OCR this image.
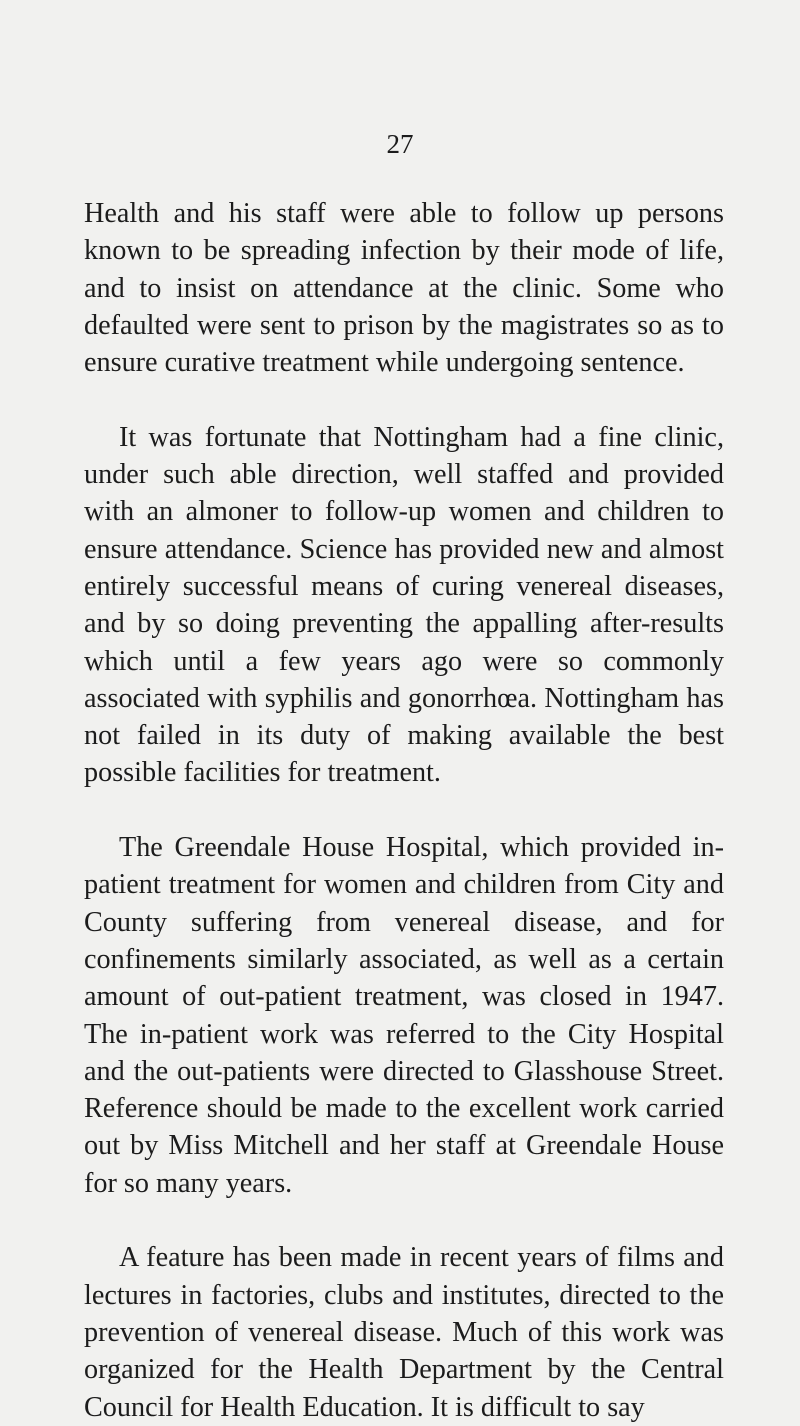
27

Health and his staff were able to follow up persons known to be spreading infection by their mode of life, and to insist on attendance at the clinic. Some who defaulted were sent to prison by the magistrates so as to ensure curative treatment while undergoing sentence.

It was fortunate that Nottingham had a fine clinic, under such able direction, well staffed and provided with an almoner to follow-up women and children to ensure attendance. Science has provided new and almost entirely successful means of curing venereal diseases, and by so doing preventing the appalling after-results which until a few years ago were so commonly associated with syphilis and gonorrhœa. Nottingham has not failed in its duty of making available the best possible facilities for treatment.

The Greendale House Hospital, which provided in-patient treatment for women and children from City and County suffering from venereal disease, and for confinements similarly associated, as well as a certain amount of out-patient treatment, was closed in 1947. The in-patient work was referred to the City Hospital and the out-patients were directed to Glasshouse Street. Reference should be made to the excellent work carried out by Miss Mitchell and her staff at Greendale House for so many years.

A feature has been made in recent years of films and lectures in factories, clubs and institutes, directed to the prevention of venereal disease. Much of this work was organized for the Health Department by the Central Council for Health Education. It is difficult to say
